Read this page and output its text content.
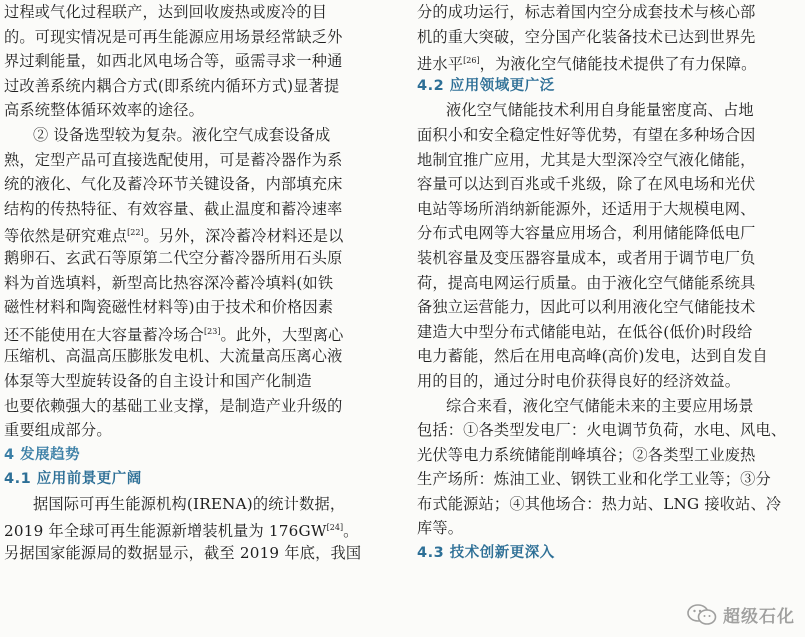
过程或气化过程联产，达到回收废热或废冷的目
的。可现实情况是可再生能源应用场景经常缺乏外
界过剩能量，如西北风电场合等，亟需寻求一种通
过改善系统内耦合方式(即系统内循环方式)显著提
高系统整体循环效率的途径。
② 设备选型较为复杂。液化空气成套设备成
熟，定型产品可直接选配使用，可是蓄冷器作为系
统的液化、气化及蓄冷环节关键设备，内部填充床
结构的传热特征、有效容量、截止温度和蓄冷速率
等依然是研究难点[22]。另外，深冷蓄冷材料还是以
鹅卵石、玄武石等原第二代空分蓄冷器所用石头原
料为首选填料，新型高比热容深冷蓄冷填料(如铁
磁性材料和陶瓷磁性材料等)由于技术和价格因素
还不能使用在大容量蓄冷场合[23]。此外，大型离心
压缩机、高温高压膨胀发电机、大流量高压离心液
体泵等大型旋转设备的自主设计和国产化制造
也要依赖强大的基础工业支撑，是制造产业升级的
重要组成部分。
4 发展趋势
4.1 应用前景更广阔
据国际可再生能源机构(IRENA)的统计数据，
2019 年全球可再生能源新增装机量为 176GW[24]。
另据国家能源局的数据显示，截至 2019 年底，我国
分的成功运行，标志着国内空分成套技术与核心部
机的重大突破，空分国产化装备技术已达到世界先
进水平[26]，为液化空气储能技术提供了有力保障。
4.2 应用领域更广泛
液化空气储能技术利用自身能量密度高、占地
面积小和安全稳定性好等优势，有望在多种场合因
地制宜推广应用，尤其是大型深冷空气液化储能，
容量可以达到百兆或千兆级，除了在风电场和光伏
电站等场所消纳新能源外，还适用于大规模电网、
分布式电网等大容量应用场合，利用储能降低电厂
装机容量及变压器容量成本，或者用于调节电厂负
荷，提高电网运行质量。由于液化空气储能系统具
备独立运营能力，因此可以利用液化空气储能技术
建造大中型分布式储能电站，在低谷(低价)时段给
电力蓄能，然后在用电高峰(高价)发电，达到自发自
用的目的，通过分时电价获得良好的经济效益。
综合来看，液化空气储能未来的主要应用场景
包括：①各类型发电厂：火电调节负荷，水电、风电、
光伏等电力系统储能削峰填谷；②各类型工业废热
生产场所：炼油工业、钢铁工业和化学工业等；③分
布式能源站；④其他场合：热力站、LNG 接收站、冷
库等。
4.3 技术创新更深入
超级石化
